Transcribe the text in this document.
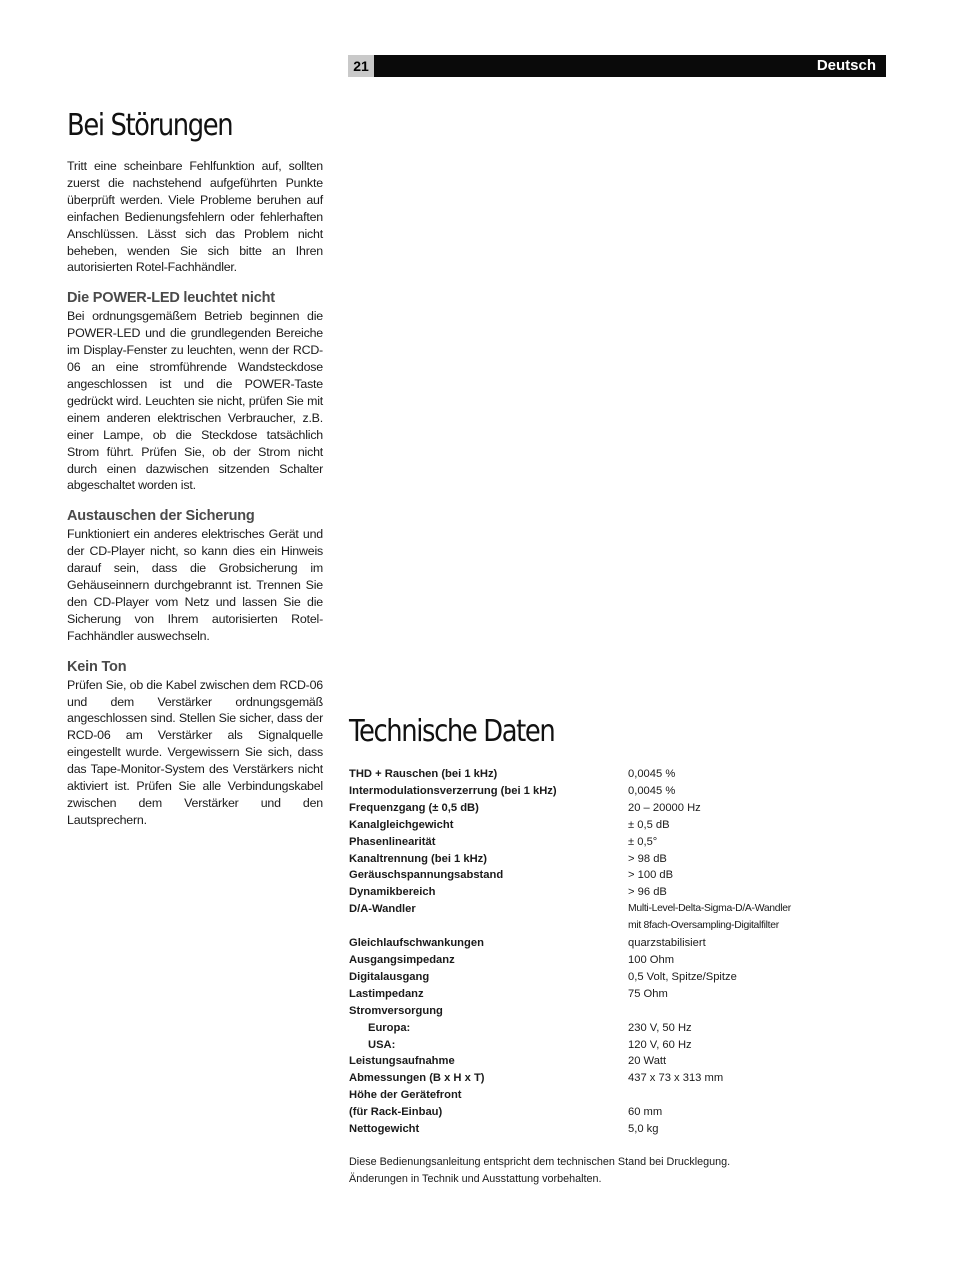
21	Deutsch
Bei Störungen

Tritt eine scheinbare Fehlfunktion auf, sollten zuerst die nachstehend aufgeführten Punkte überprüft werden. Viele Probleme beruhen auf einfachen Bedienungsfehlern oder fehlerhaften Anschlüssen. Lässt sich das Problem nicht beheben, wenden Sie sich bitte an Ihren autorisierten Rotel-Fachhändler.

Die POWER-LED leuchtet nicht

Bei ordnungsgemäßem Betrieb beginnen die POWER-LED und die grundlegenden Bereiche im Display-Fenster zu leuchten, wenn der RCD-06 an eine stromführende Wandsteckdose angeschlossen ist und die POWER-Taste gedrückt wird. Leuchten sie nicht, prüfen Sie mit einem anderen elektrischen Verbraucher, z.B. einer Lampe, ob die Steckdose tatsächlich Strom führt. Prüfen Sie, ob der Strom nicht durch einen dazwischen sitzenden Schalter abgeschaltet worden ist.

Austauschen der Sicherung

Funktioniert ein anderes elektrisches Gerät und der CD-Player nicht, so kann dies ein Hinweis darauf sein, dass die Grobsicherung im Gehäuseinnern durchgebrannt ist. Trennen Sie den CD-Player vom Netz und lassen Sie die Sicherung von Ihrem autorisierten Rotel-Fachhändler auswechseln.

Kein Ton

Prüfen Sie, ob die Kabel zwischen dem RCD-06 und dem Verstärker ordnungsgemäß angeschlossen sind. Stellen Sie sicher, dass der RCD-06 am Verstärker als Signalquelle eingestellt wurde. Vergewissern Sie sich, dass das Tape-Monitor-System des Verstärkers nicht aktiviert ist. Prüfen Sie alle Verbindungskabel zwischen dem Verstärker und den Lautsprechern.

Technische Daten
THD + Rauschen (bei 1 kHz)	0,0045 %
Intermodulationsverzerrung (bei 1 kHz)	0,0045 %
Frequenzgang (± 0,5 dB)	20 – 20000 Hz
Kanalgleichgewicht	± 0,5 dB
Phasenlinearität	± 0,5°
Kanaltrennung (bei 1 kHz)	> 98 dB
Geräuschspannungsabstand	> 100 dB
Dynamikbereich	> 96 dB
D/A-Wandler	Multi-Level-Delta-Sigma-D/A-Wandler
mit 8fach-Oversampling-Digitalfilter
Gleichlaufschwankungen	quarzstabilisiert
Ausgangsimpedanz	100 Ohm
Digitalausgang	0,5 Volt, Spitze/Spitze
Lastimpedanz	75 Ohm
Stromversorgung
Europa:	230 V, 50 Hz
USA:	120 V, 60 Hz
Leistungsaufnahme	20 Watt
Abmessungen (B x H x T)	437 x 73 x 313 mm
Höhe der Gerätefront
(für Rack-Einbau)	60 mm
Nettogewicht	5,0 kg

Diese Bedienungsanleitung entspricht dem technischen Stand bei Drucklegung.

Änderungen in Technik und Ausstattung vorbehalten.
